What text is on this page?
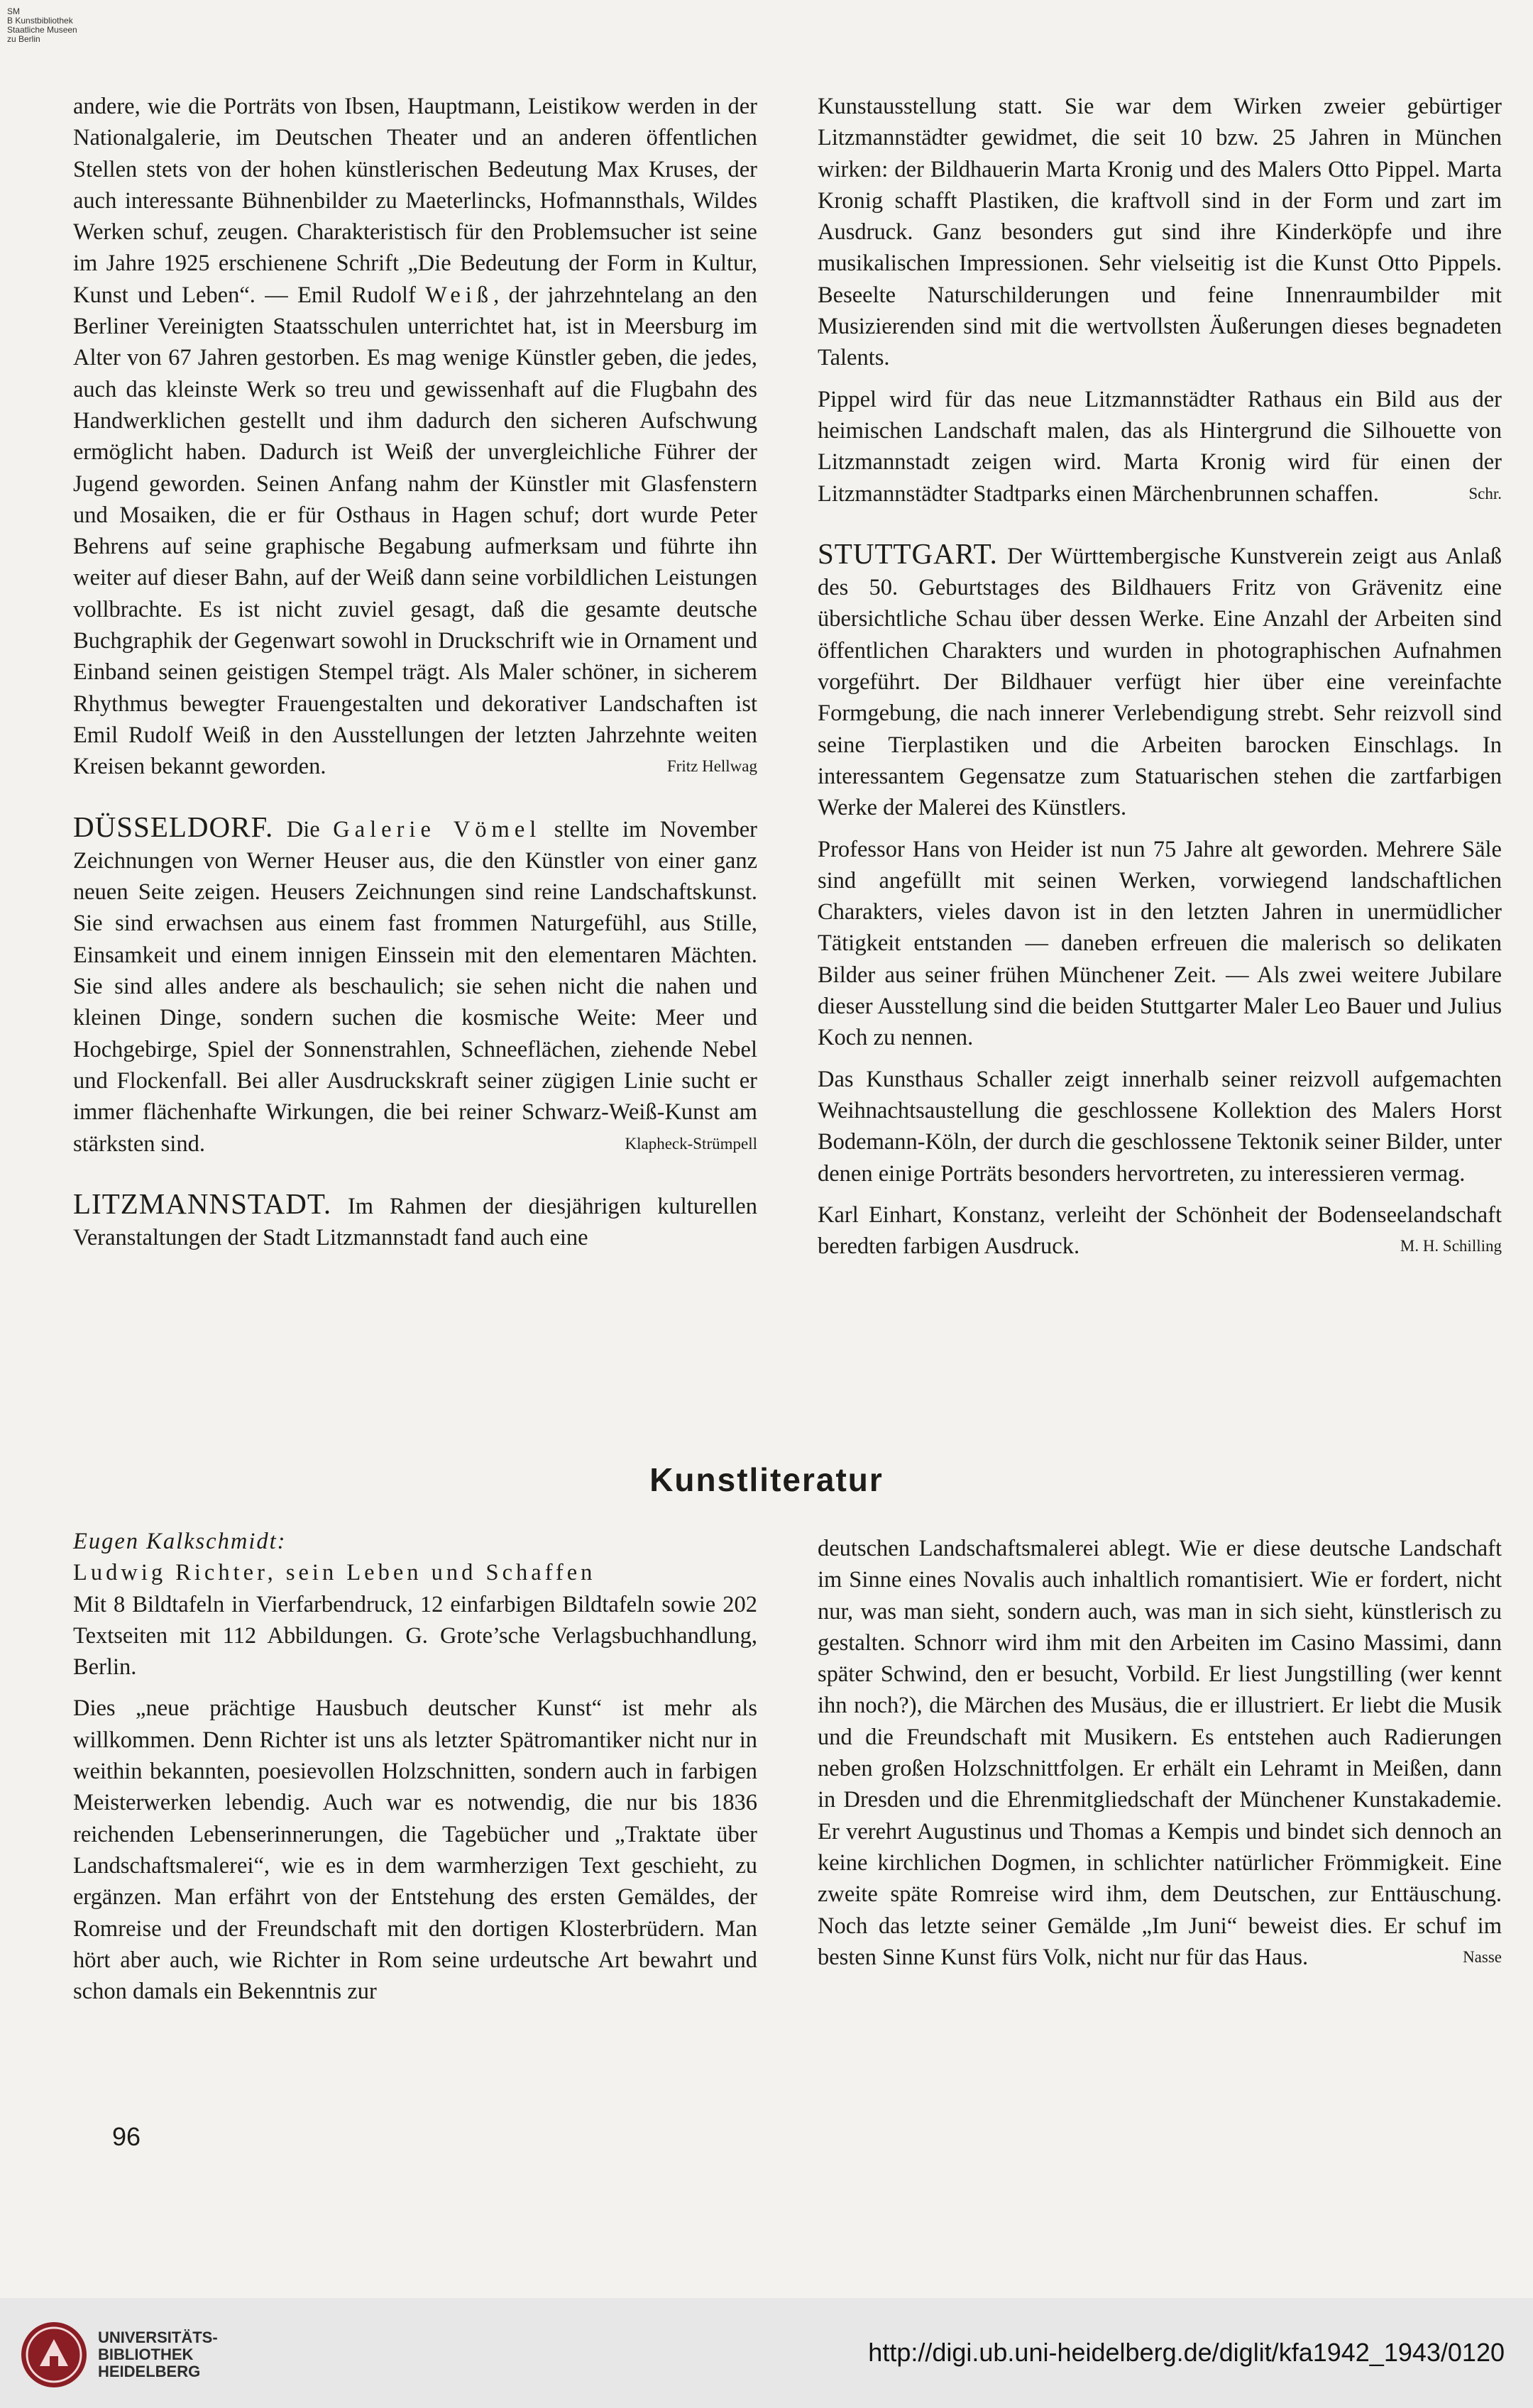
SM
B Kunstbibliothek
Staatliche Museen
zu Berlin

andere, wie die Porträts von Ibsen, Hauptmann, Leistikow werden in der Nationalgalerie, im Deutschen Theater und an anderen öffentlichen Stellen stets von der hohen künstlerischen Bedeutung Max Kruses, der auch interessante Bühnenbilder zu Maeterlincks, Hofmannsthals, Wildes Werken schuf, zeugen. Charakteristisch für den Problemsucher ist seine im Jahre 1925 erschienene Schrift „Die Bedeutung der Form in Kultur, Kunst und Leben“. — Emil Rudolf Weiß, der jahrzehntelang an den Berliner Vereinigten Staatsschulen unterrichtet hat, ist in Meersburg im Alter von 67 Jahren gestorben. Es mag wenige Künstler geben, die jedes, auch das kleinste Werk so treu und gewissenhaft auf die Flugbahn des Handwerklichen gestellt und ihm dadurch den sicheren Aufschwung ermöglicht haben. Dadurch ist Weiß der unvergleichliche Führer der Jugend geworden. Seinen Anfang nahm der Künstler mit Glasfenstern und Mosaiken, die er für Osthaus in Hagen schuf; dort wurde Peter Behrens auf seine graphische Begabung aufmerksam und führte ihn weiter auf dieser Bahn, auf der Weiß dann seine vorbildlichen Leistungen vollbrachte. Es ist nicht zuviel gesagt, daß die gesamte deutsche Buchgraphik der Gegenwart sowohl in Druckschrift wie in Ornament und Einband seinen geistigen Stempel trägt. Als Maler schöner, in sicherem Rhythmus bewegter Frauengestalten und dekorativer Landschaften ist Emil Rudolf Weiß in den Ausstellungen der letzten Jahrzehnte weiten Kreisen bekannt geworden.	Fritz Hellwag

DÜSSELDORF. Die Galerie Vömel stellte im November Zeichnungen von Werner Heuser aus, die den Künstler von einer ganz neuen Seite zeigen. Heusers Zeichnungen sind reine Landschaftskunst. Sie sind erwachsen aus einem fast frommen Naturgefühl, aus Stille, Einsamkeit und einem innigen Einssein mit den elementaren Mächten. Sie sind alles andere als beschaulich; sie sehen nicht die nahen und kleinen Dinge, sondern suchen die kosmische Weite: Meer und Hochgebirge, Spiel der Sonnenstrahlen, Schneeflächen, ziehende Nebel und Flockenfall. Bei aller Ausdruckskraft seiner zügigen Linie sucht er immer flächenhafte Wirkungen, die bei reiner Schwarz-Weiß-Kunst am stärksten sind.	Klapheck-Strümpell

LITZMANNSTADT. Im Rahmen der diesjährigen kulturellen Veranstaltungen der Stadt Litzmannstadt fand auch eine

Kunstausstellung statt. Sie war dem Wirken zweier gebürtiger Litzmannstädter gewidmet, die seit 10 bzw. 25 Jahren in München wirken: der Bildhauerin Marta Kronig und des Malers Otto Pippel. Marta Kronig schafft Plastiken, die kraftvoll sind in der Form und zart im Ausdruck. Ganz besonders gut sind ihre Kinderköpfe und ihre musikalischen Impressionen. Sehr vielseitig ist die Kunst Otto Pippels. Beseelte Naturschilderungen und feine Innenraumbilder mit Musizierenden sind mit die wertvollsten Äußerungen dieses begnadeten Talents.

Pippel wird für das neue Litzmannstädter Rathaus ein Bild aus der heimischen Landschaft malen, das als Hintergrund die Silhouette von Litzmannstadt zeigen wird. Marta Kronig wird für einen der Litzmannstädter Stadtparks einen Märchenbrunnen schaffen.	Schr.

STUTTGART. Der Württembergische Kunstverein zeigt aus Anlaß des 50. Geburtstages des Bildhauers Fritz von Grävenitz eine übersichtliche Schau über dessen Werke. Eine Anzahl der Arbeiten sind öffentlichen Charakters und wurden in photographischen Aufnahmen vorgeführt. Der Bildhauer verfügt hier über eine vereinfachte Formgebung, die nach innerer Verlebendigung strebt. Sehr reizvoll sind seine Tierplastiken und die Arbeiten barocken Einschlags. In interessantem Gegensatze zum Statuarischen stehen die zartfarbigen Werke der Malerei des Künstlers.

Professor Hans von Heider ist nun 75 Jahre alt geworden. Mehrere Säle sind angefüllt mit seinen Werken, vorwiegend landschaftlichen Charakters, vieles davon ist in den letzten Jahren in unermüdlicher Tätigkeit entstanden — daneben erfreuen die malerisch so delikaten Bilder aus seiner frühen Münchener Zeit. — Als zwei weitere Jubilare dieser Ausstellung sind die beiden Stuttgarter Maler Leo Bauer und Julius Koch zu nennen.

Das Kunsthaus Schaller zeigt innerhalb seiner reizvoll aufgemachten Weihnachtsaustellung die geschlossene Kollektion des Malers Horst Bodemann-Köln, der durch die geschlossene Tektonik seiner Bilder, unter denen einige Porträts besonders hervortreten, zu interessieren vermag.

Karl Einhart, Konstanz, verleiht der Schönheit der Bodenseelandschaft beredten farbigen Ausdruck.	M. H. Schilling

Kunstliteratur

Eugen Kalkschmidt:

Ludwig Richter, sein Leben und Schaffen

Mit 8 Bildtafeln in Vierfarbendruck, 12 einfarbigen Bildtafeln sowie 202 Textseiten mit 112 Abbildungen. G. Grote’sche Verlagsbuchhandlung, Berlin.

Dies „neue prächtige Hausbuch deutscher Kunst“ ist mehr als willkommen. Denn Richter ist uns als letzter Spätromantiker nicht nur in weithin bekannten, poesievollen Holzschnitten, sondern auch in farbigen Meisterwerken lebendig. Auch war es notwendig, die nur bis 1836 reichenden Lebenserinnerungen, die Tagebücher und „Traktate über Landschaftsmalerei“, wie es in dem warmherzigen Text geschieht, zu ergänzen. Man erfährt von der Entstehung des ersten Gemäldes, der Romreise und der Freundschaft mit den dortigen Klosterbrüdern. Man hört aber auch, wie Richter in Rom seine urdeutsche Art bewahrt und schon damals ein Bekenntnis zur

deutschen Landschaftsmalerei ablegt. Wie er diese deutsche Landschaft im Sinne eines Novalis auch inhaltlich romantisiert. Wie er fordert, nicht nur, was man sieht, sondern auch, was man in sich sieht, künstlerisch zu gestalten. Schnorr wird ihm mit den Arbeiten im Casino Massimi, dann später Schwind, den er besucht, Vorbild. Er liest Jungstilling (wer kennt ihn noch?), die Märchen des Musäus, die er illustriert. Er liebt die Musik und die Freundschaft mit Musikern. Es entstehen auch Radierungen neben großen Holzschnittfolgen. Er erhält ein Lehramt in Meißen, dann in Dresden und die Ehrenmitgliedschaft der Münchener Kunstakademie. Er verehrt Augustinus und Thomas a Kempis und bindet sich dennoch an keine kirchlichen Dogmen, in schlichter natürlicher Frömmigkeit. Eine zweite späte Romreise wird ihm, dem Deutschen, zur Enttäuschung. Noch das letzte seiner Gemälde „Im Juni“ beweist dies. Er schuf im besten Sinne Kunst fürs Volk, nicht nur für das Haus.	Nasse

96
UNIVERSITÄTS-
BIBLIOTHEK
HEIDELBERG
http://digi.ub.uni-heidelberg.de/diglit/kfa1942_1943/0120
